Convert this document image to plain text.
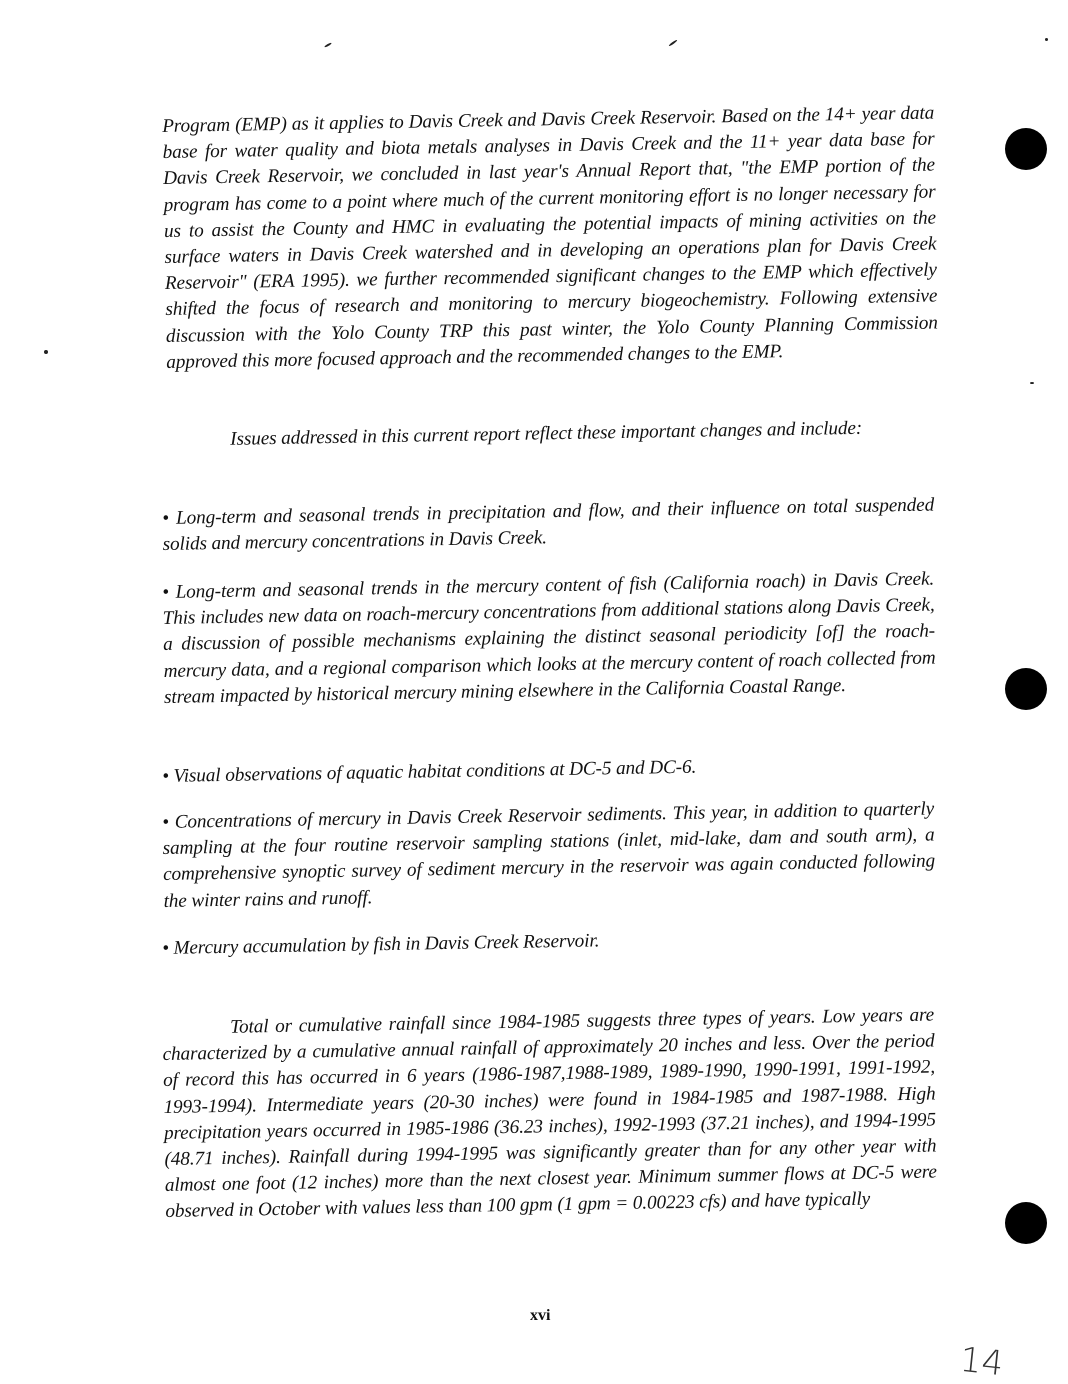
Program (EMP) as it applies to Davis Creek and Davis Creek Reservoir. Based on the 14+ year data base for water quality and biota metals analyses in Davis Creek and the 11+ year data base for Davis Creek Reservoir, we concluded in last year's Annual Report that, "the EMP portion of the program has come to a point where much of the current monitoring effort is no longer necessary for us to assist the County and HMC in evaluating the potential impacts of mining activities on the surface waters in Davis Creek watershed and in developing an operations plan for Davis Creek Reservoir" (ERA 1995). we further recommended significant changes to the EMP which effectively shifted the focus of research and monitoring to mercury biogeochemistry. Following extensive discussion with the Yolo County TRP this past winter, the Yolo County Planning Commission approved this more focused approach and the recommended changes to the EMP.

Issues addressed in this current report reflect these important changes and include:

• Long-term and seasonal trends in precipitation and flow, and their influence on total suspended solids and mercury concentrations in Davis Creek.

• Long-term and seasonal trends in the mercury content of fish (California roach) in Davis Creek. This includes new data on roach-mercury concentrations from additional stations along Davis Creek, a discussion of possible mechanisms explaining the distinct seasonal periodicity [of] the roach-mercury data, and a regional comparison which looks at the mercury content of roach collected from stream impacted by historical mercury mining elsewhere in the California Coastal Range.

• Visual observations of aquatic habitat conditions at DC-5 and DC-6.

• Concentrations of mercury in Davis Creek Reservoir sediments. This year, in addition to quarterly sampling at the four routine reservoir sampling stations (inlet, mid-lake, dam and south arm), a comprehensive synoptic survey of sediment mercury in the reservoir was again conducted following the winter rains and runoff.

• Mercury accumulation by fish in Davis Creek Reservoir.

Total or cumulative rainfall since 1984-1985 suggests three types of years. Low years are characterized by a cumulative annual rainfall of approximately 20 inches and less. Over the period of record this has occurred in 6 years (1986-1987,1988-1989, 1989-1990, 1990-1991, 1991-1992, 1993-1994). Intermediate years (20-30 inches) were found in 1984-1985 and 1987-1988. High precipitation years occurred in 1985-1986 (36.23 inches), 1992-1993 (37.21 inches), and 1994-1995 (48.71 inches). Rainfall during 1994-1995 was significantly greater than for any other year with almost one foot (12 inches) more than the next closest year. Minimum summer flows at DC-5 were observed in October with values less than 100 gpm (1 gpm = 0.00223 cfs) and have typically

xvi
14
